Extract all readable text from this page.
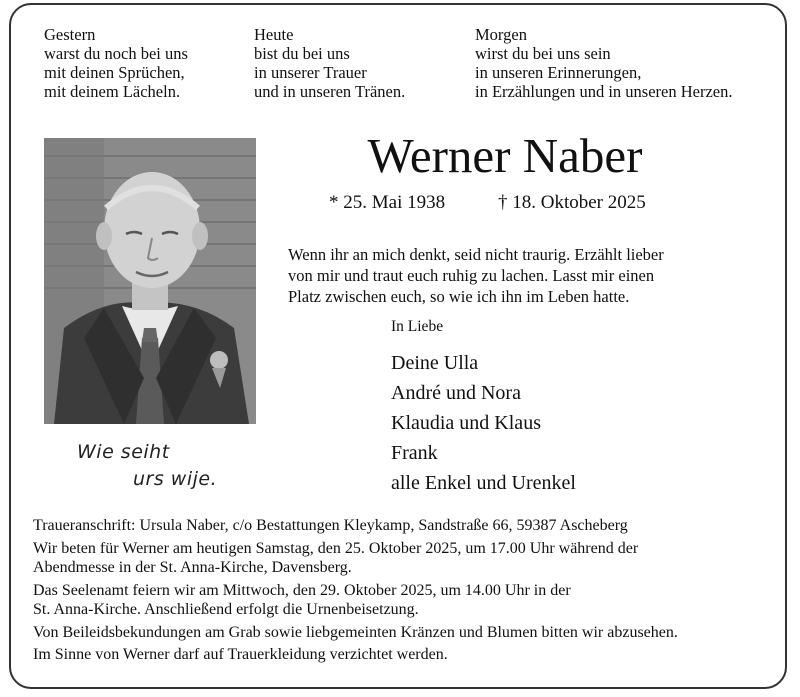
Gestern
warst du noch bei uns
mit deinen Sprüchen,
mit deinem Lächeln.
Heute
bist du bei uns
in unserer Trauer
und in unseren Tränen.
Morgen
wirst du bei uns sein
in unseren Erinnerungen,
in Erzählungen und in unseren Herzen.
Wie seiht
urs wije.
Werner Naber
* 25. Mai 1938	† 18. Oktober 2025
Wenn ihr an mich denkt, seid nicht traurig. Erzählt lieber
von mir und traut euch ruhig zu lachen. Lasst mir einen
Platz zwischen euch, so wie ich ihn im Leben hatte.
In Liebe
Deine Ulla
André und Nora
Klaudia und Klaus
Frank
alle Enkel und Urenkel
Traueranschrift: Ursula Naber, c/o Bestattungen Kleykamp, Sandstraße 66, 59387 Ascheberg
Wir beten für Werner am heutigen Samstag, den 25. Oktober 2025, um 17.00 Uhr während der
Abendmesse in der St. Anna-Kirche, Davensberg.
Das Seelenamt feiern wir am Mittwoch, den 29. Oktober 2025, um 14.00 Uhr in der
St. Anna-Kirche. Anschließend erfolgt die Urnenbeisetzung.
Von Beileidsbekundungen am Grab sowie liebgemeinten Kränzen und Blumen bitten wir abzusehen.
Im Sinne von Werner darf auf Trauerkleidung verzichtet werden.
